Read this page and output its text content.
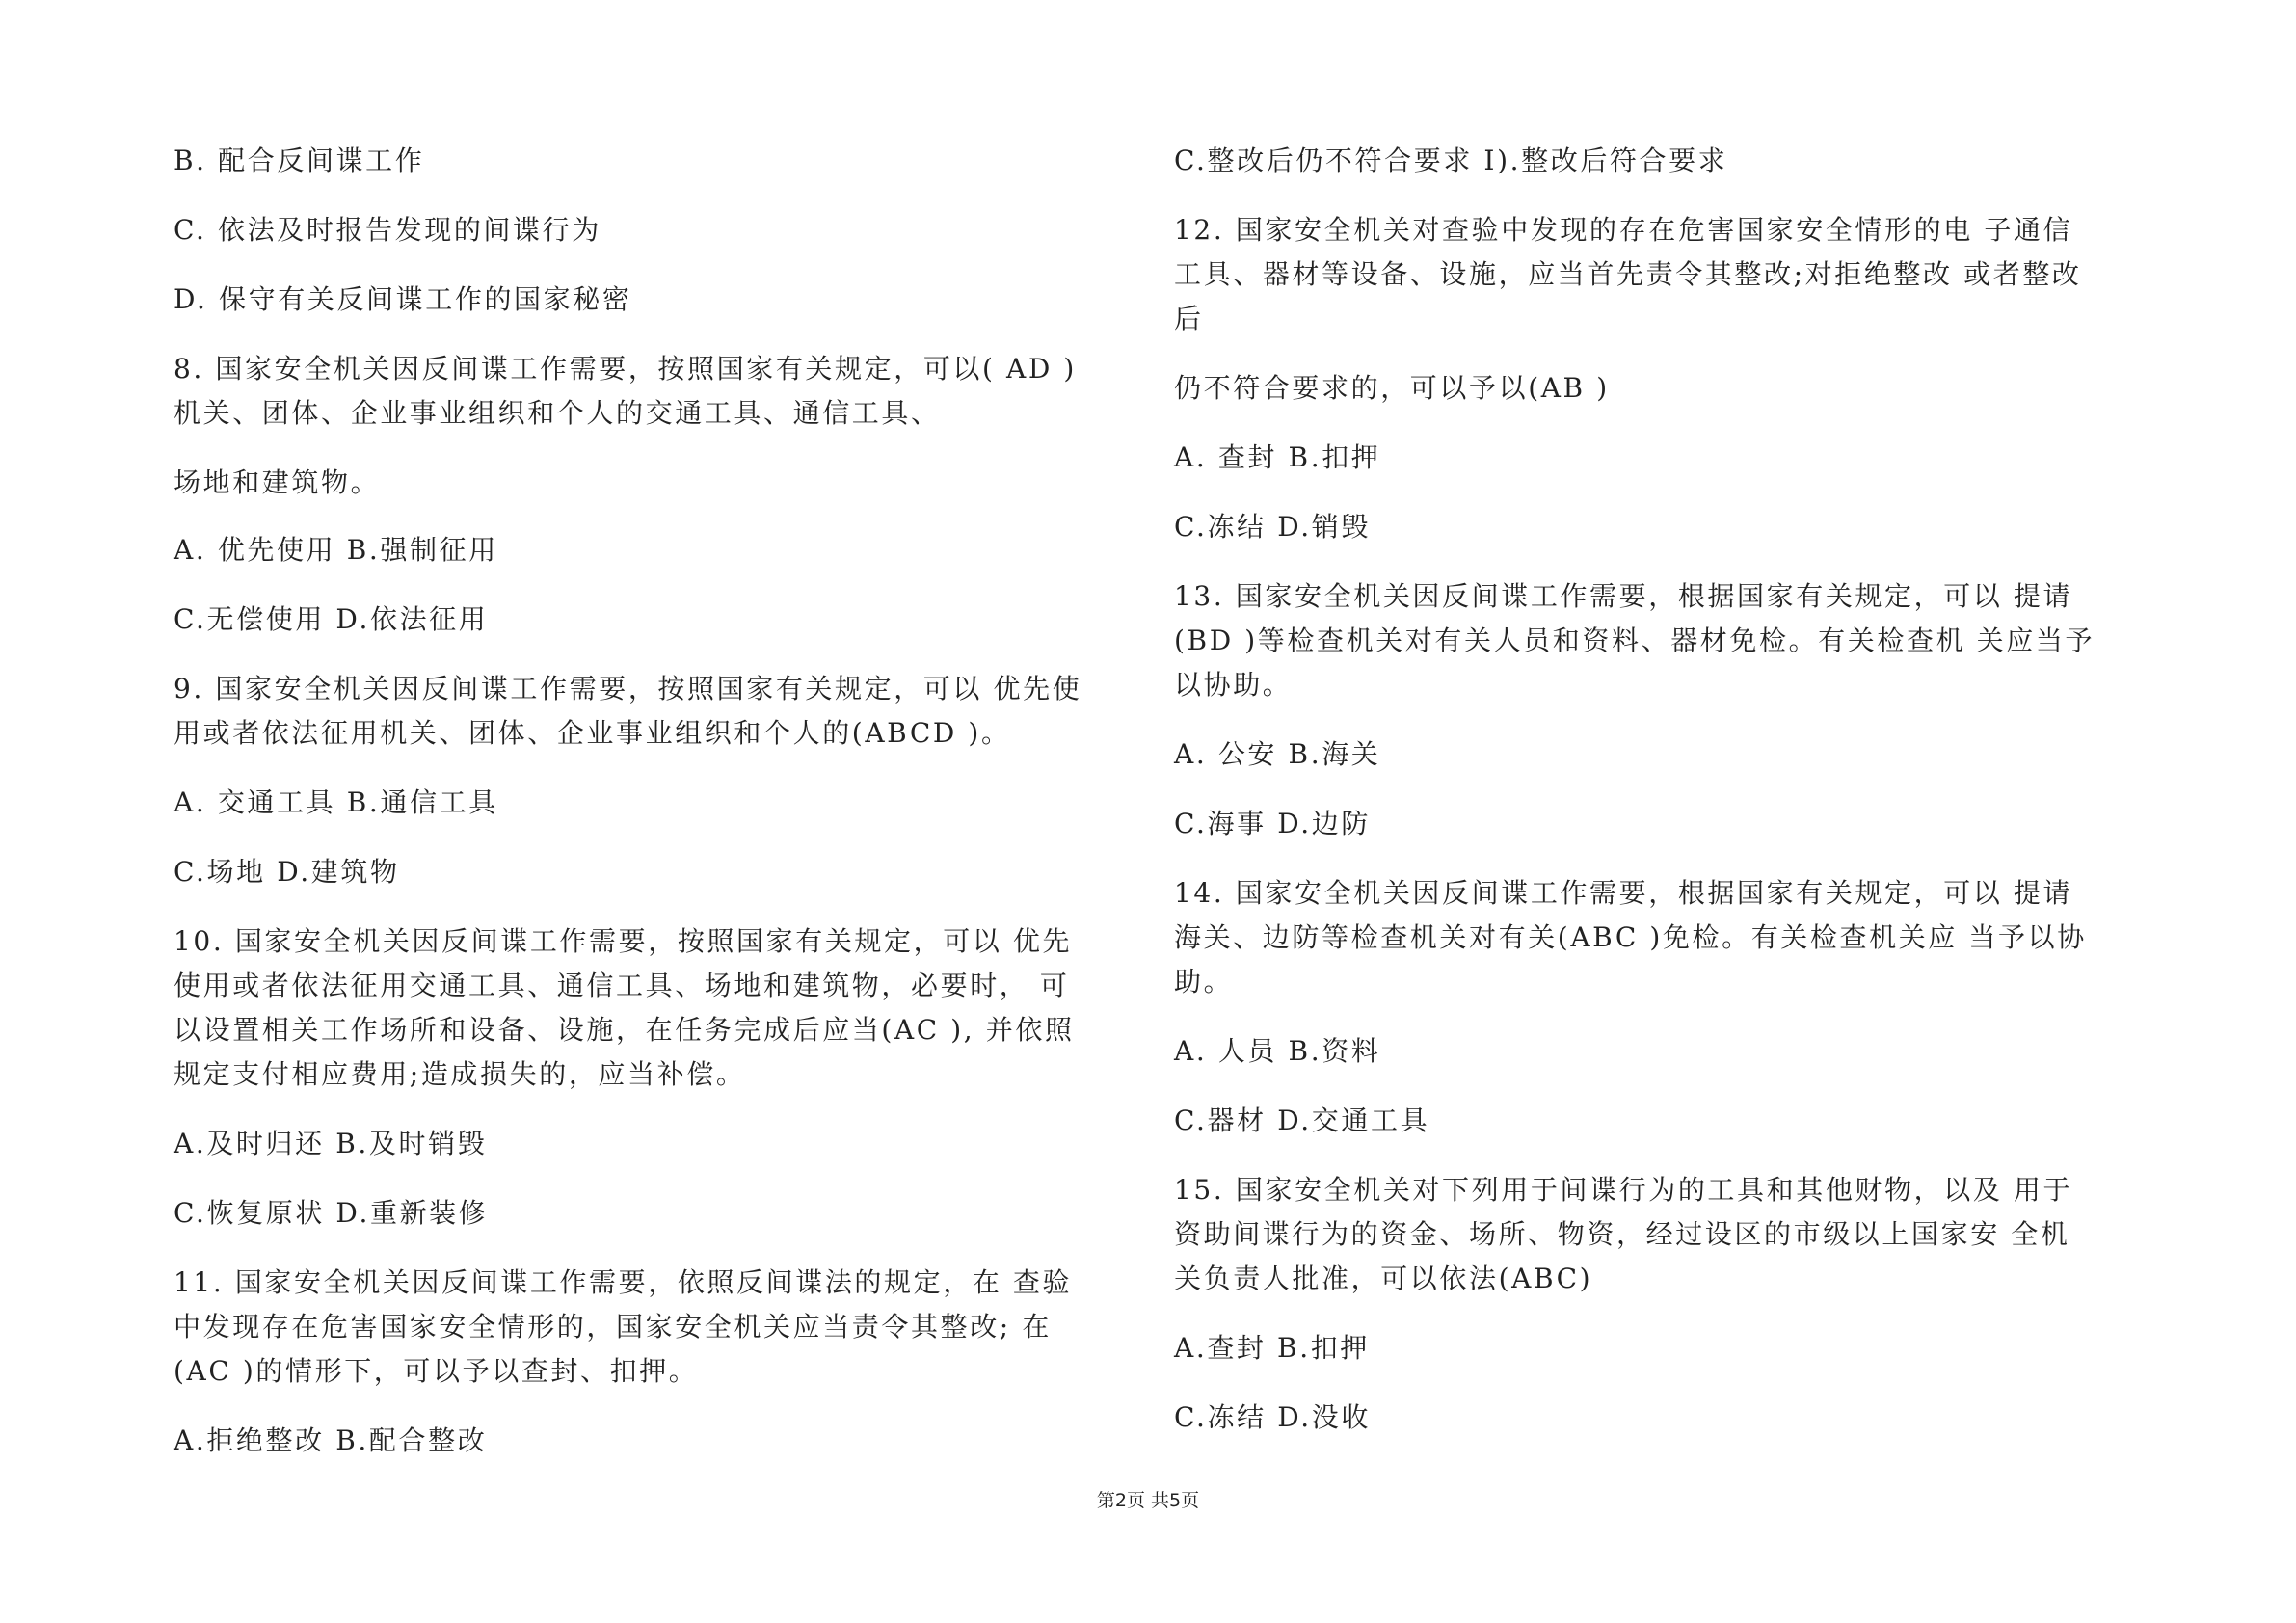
B. 配合反间谍工作
C. 依法及时报告发现的间谍行为
D. 保守有关反间谍工作的国家秘密
8. 国家安全机关因反间谍工作需要，按照国家有关规定，可以( AD )
机关、团体、企业事业组织和个人的交通工具、通信工具、
场地和建筑物。
A. 优先使用 B.强制征用
C.无偿使用 D.依法征用
9. 国家安全机关因反间谍工作需要，按照国家有关规定，可以 优先使
用或者依法征用机关、团体、企业事业组织和个人的(ABCD )。
A. 交通工具 B.通信工具
C.场地 D.建筑物
10. 国家安全机关因反间谍工作需要，按照国家有关规定，可以 优先
使用或者依法征用交通工具、通信工具、场地和建筑物，必要时， 可
以设置相关工作场所和设备、设施，在任务完成后应当(AC ), 并依照
规定支付相应费用;造成损失的，应当补偿。
A.及时归还 B.及时销毁
C.恢复原状 D.重新装修
11. 国家安全机关因反间谍工作需要，依照反间谍法的规定，在 查验
中发现存在危害国家安全情形的，国家安全机关应当责令其整改; 在
(AC )的情形下，可以予以查封、扣押。
A.拒绝整改 B.配合整改
C.整改后仍不符合要求 I).整改后符合要求
12. 国家安全机关对查验中发现的存在危害国家安全情形的电 子通信
工具、器材等设备、设施，应当首先责令其整改;对拒绝整改 或者整改
后
仍不符合要求的，可以予以(AB )
A. 查封 B.扣押
C.冻结 D.销毁
13. 国家安全机关因反间谍工作需要，根据国家有关规定，可以 提请
(BD )等检查机关对有关人员和资料、器材免检。有关检查机 关应当予
以协助。
A. 公安 B.海关
C.海事 D.边防
14. 国家安全机关因反间谍工作需要，根据国家有关规定，可以 提请
海关、边防等检查机关对有关(ABC )免检。有关检查机关应 当予以协
助。
A. 人员 B.资料
C.器材 D.交通工具
15. 国家安全机关对下列用于间谍行为的工具和其他财物，以及 用于
资助间谍行为的资金、场所、物资，经过设区的市级以上国家安 全机
关负责人批准，可以依法(ABC)
A.查封 B.扣押
C.冻结 D.没收
第2页 共5页
